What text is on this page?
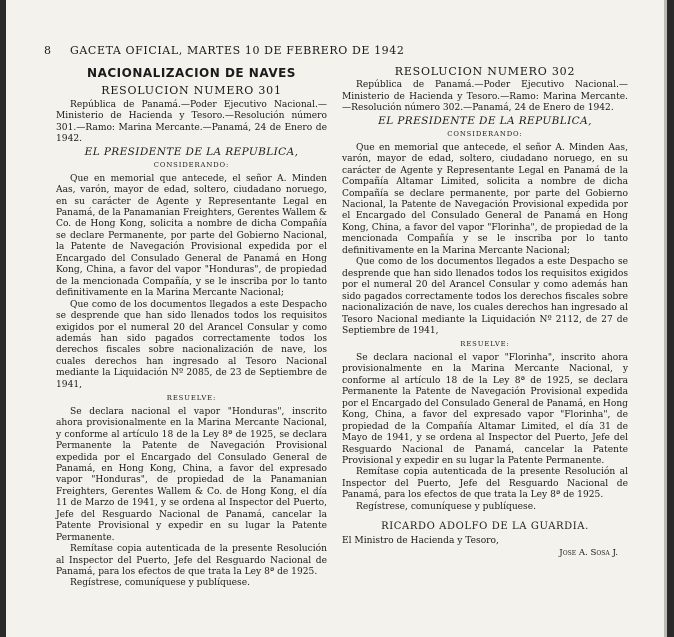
8 GACETA OFICIAL, MARTES 10 DE FEBRERO DE 1942
NACIONALIZACION DE NAVES
RESOLUCION NUMERO 301

República de Panamá.—Poder Ejecutivo Nacional.—Ministerio de Hacienda y Tesoro.—Resolución número 301.—Ramo: Marina Mercante.—Panamá, 24 de Enero de 1942.

EL PRESIDENTE DE LA REPUBLICA,
CONSIDERANDO:

Que en memorial que antecede, el señor A. Minden Aas, varón, mayor de edad, soltero, ciudadano noruego, en su carácter de Agente y Representante Legal en Panamá, de la Panamanian Freighters, Gerentes Wallem & Co. de Hong Kong, solicita a nombre de dicha Compañía se declare Permanente, por parte del Gobierno Nacional, la Patente de Navegación Provisional expedida por el Encargado del Consulado General de Panamá en Hong Kong, China, a favor del vapor "Honduras", de propiedad de la mencionada Compañía, y se le inscriba por lo tanto definitivamente en la Marina Mercante Nacional;

Que como de los documentos llegados a este Despacho se desprende que han sido llenados todos los requisitos exigidos por el numeral 20 del Arancel Consular y como además han sido pagados correctamente todos los derechos fiscales sobre nacionalización de nave, los cuales derechos han ingresado al Tesoro Nacional mediante la Liquidación Nº 2085, de 23 de Septiembre de 1941,

RESUELVE:

Se declara nacional el vapor "Honduras", inscrito ahora provisionalmente en la Marina Mercante Nacional, y conforme al artículo 18 de la Ley 8ª de 1925, se declara Permanente la Patente de Navegación Provisional expedida por el Encargado del Consulado General de Panamá, en Hong Kong, China, a favor del expresado vapor "Honduras", de propiedad de la Panamanian Freighters, Gerentes Wallem & Co. de Hong Kong, el día 11 de Marzo de 1941, y se ordena al Inspector del Puerto, Jefe del Resguardo Nacional de Panamá, cancelar la Patente Provisional y expedir en su lugar la Patente Permanente.

Remítase copia autenticada de la presente Resolución al Inspector del Puerto, Jefe del Resguardo Nacional de Panamá, para los efectos de que trata la Ley 8ª de 1925.

Regístrese, comuníquese y publíquese.

RESOLUCION NUMERO 302

República de Panamá.—Poder Ejecutivo Nacional.—Ministerio de Hacienda y Tesoro.—Ramo: Marina Mercante.—Resolución número 302.—Panamá, 24 de Enero de 1942.

EL PRESIDENTE DE LA REPUBLICA,
CONSIDERANDO:

Que en memorial que antecede, el señor A. Minden Aas, varón, mayor de edad, soltero, ciudadano noruego, en su carácter de Agente y Representante Legal en Panamá de la Compañía Altamar Limited, solicita a nombre de dicha Compañía se declare permanente, por parte del Gobierno Nacional, la Patente de Navegación Provisional expedida por el Encargado del Consulado General de Panamá en Hong Kong, China, a favor del vapor "Florinha", de propiedad de la mencionada Compañía y se le inscriba por lo tanto definitivamente en la Marina Mercante Nacional;

Que como de los documentos llegados a este Despacho se desprende que han sido llenados todos los requisitos exigidos por el numeral 20 del Arancel Consular y como además han sido pagados correctamente todos los derechos fiscales sobre nacionalización de nave, los cuales derechos han ingresado al Tesoro Nacional mediante la Liquidación Nº 2112, de 27 de Septiembre de 1941,

RESUELVE:

Se declara nacional el vapor "Florinha", inscrito ahora provisionalmente en la Marina Mercante Nacional, y conforme al artículo 18 de la Ley 8ª de 1925, se declara Permanente la Patente de Navegación Provisional expedida por el Encargado del Consulado General de Panamá, en Hong Kong, China, a favor del expresado vapor "Florinha", de propiedad de la Compañía Altamar Limited, el día 31 de Mayo de 1941, y se ordena al Inspector del Puerto, Jefe del Resguardo Nacional de Panamá, cancelar la Patente Provisional y expedir en su lugar la Patente Permanente.

Remítase copia autenticada de la presente Resolución al Inspector del Puerto, Jefe del Resguardo Nacional de Panamá, para los efectos de que trata la Ley 8ª de 1925.

Regístrese, comuníquese y publíquese.

RICARDO ADOLFO DE LA GUARDIA.

El Ministro de Hacienda y Tesoro,

Jose A. Sosa J.
